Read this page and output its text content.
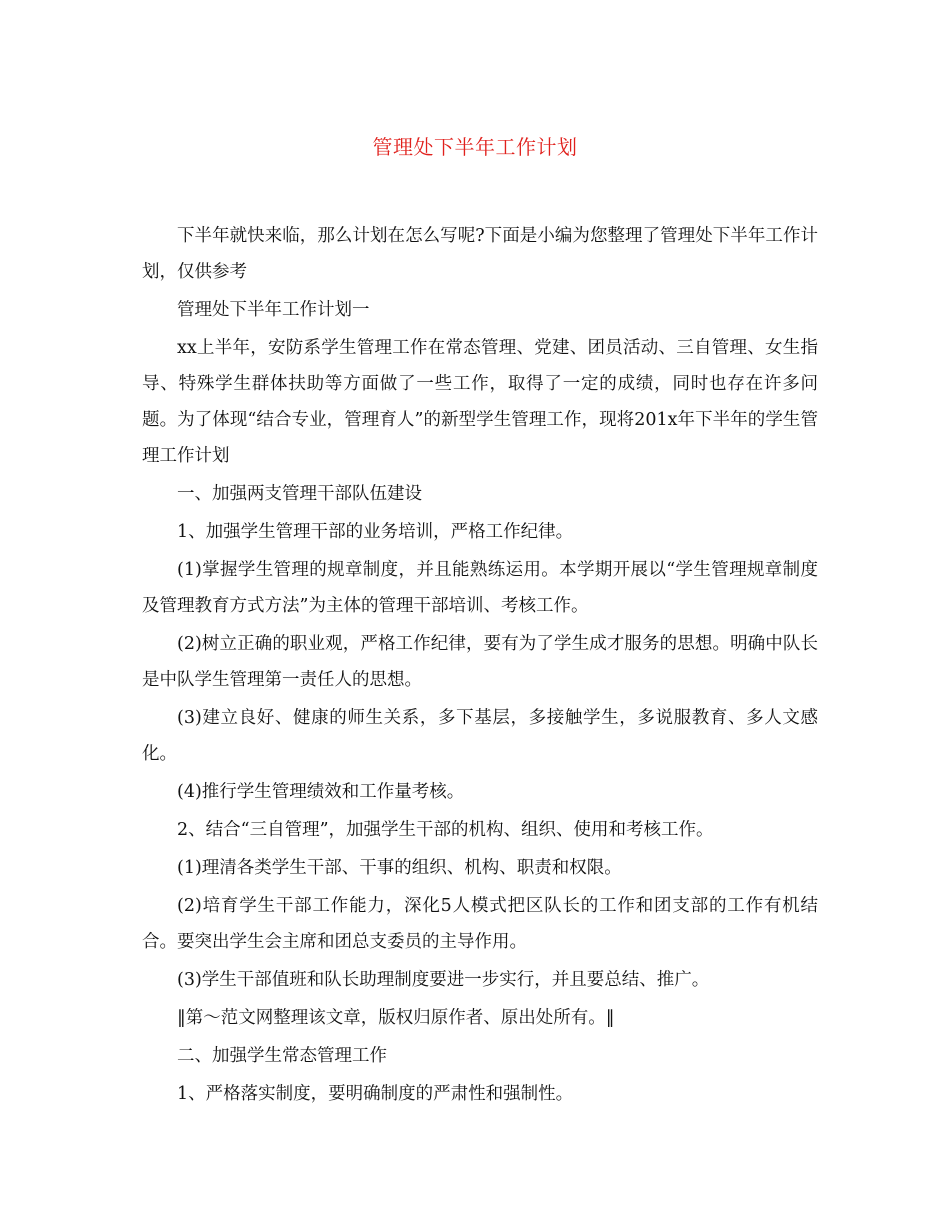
管理处下半年工作计划

下半年就快来临，那么计划在怎么写呢?下面是小编为您整理了管理处下半年工作计划，仅供参考

管理处下半年工作计划一

xx上半年，安防系学生管理工作在常态管理、党建、团员活动、三自管理、女生指导、特殊学生群体扶助等方面做了一些工作，取得了一定的成绩，同时也存在许多问题。为了体现“结合专业，管理育人”的新型学生管理工作，现将201x年下半年的学生管理工作计划

一、加强两支管理干部队伍建设

1、加强学生管理干部的业务培训，严格工作纪律。

(1)掌握学生管理的规章制度，并且能熟练运用。本学期开展以“学生管理规章制度及管理教育方式方法”为主体的管理干部培训、考核工作。

(2)树立正确的职业观，严格工作纪律，要有为了学生成才服务的思想。明确中队长是中队学生管理第一责任人的思想。

(3)建立良好、健康的师生关系，多下基层，多接触学生，多说服教育、多人文感化。

(4)推行学生管理绩效和工作量考核。

2、结合“三自管理”，加强学生干部的机构、组织、使用和考核工作。

(1)理清各类学生干部、干事的组织、机构、职责和权限。

(2)培育学生干部工作能力，深化5人模式把区队长的工作和团支部的工作有机结合。要突出学生会主席和团总支委员的主导作用。

(3)学生干部值班和队长助理制度要进一步实行，并且要总结、推广。

‖第～范文网整理该文章，版权归原作者、原出处所有。‖

二、加强学生常态管理工作

1、严格落实制度，要明确制度的严肃性和强制性。
